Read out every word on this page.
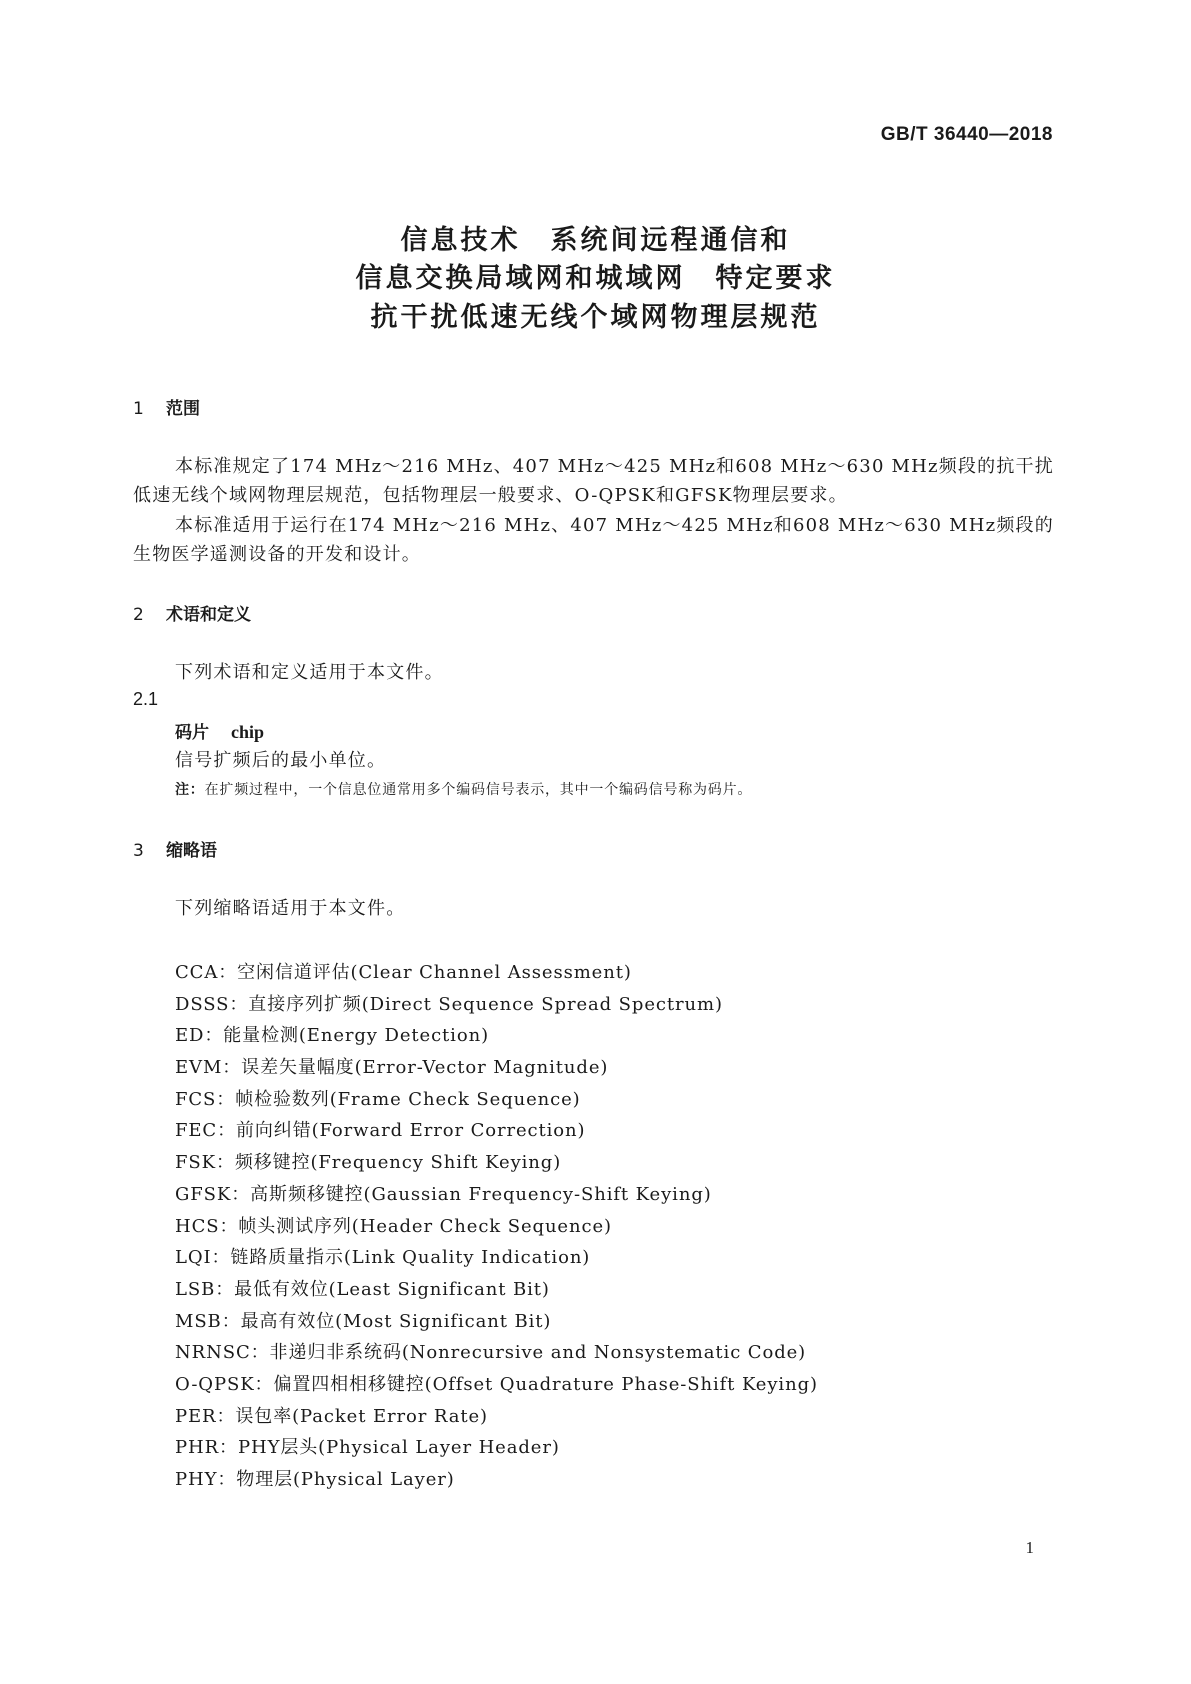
GB/T 36440—2018
信息技术　系统间远程通信和
信息交换局域网和城域网　特定要求
抗干扰低速无线个域网物理层规范
1 范围
本标准规定了174 MHz～216 MHz、407 MHz～425 MHz和608 MHz～630 MHz频段的抗干扰
低速无线个域网物理层规范，包括物理层一般要求、O-QPSK和GFSK物理层要求。
本标准适用于运行在174 MHz～216 MHz、407 MHz～425 MHz和608 MHz～630 MHz频段的
生物医学遥测设备的开发和设计。
2 术语和定义
下列术语和定义适用于本文件。
2.1
码片 chip
信号扩频后的最小单位。
注：在扩频过程中，一个信息位通常用多个编码信号表示，其中一个编码信号称为码片。
3 缩略语
下列缩略语适用于本文件。
CCA：空闲信道评估(Clear Channel Assessment)
DSSS：直接序列扩频(Direct Sequence Spread Spectrum)
ED：能量检测(Energy Detection)
EVM：误差矢量幅度(Error-Vector Magnitude)
FCS：帧检验数列(Frame Check Sequence)
FEC：前向纠错(Forward Error Correction)
FSK：频移键控(Frequency Shift Keying)
GFSK：高斯频移键控(Gaussian Frequency-Shift Keying)
HCS：帧头测试序列(Header Check Sequence)
LQI：链路质量指示(Link Quality Indication)
LSB：最低有效位(Least Significant Bit)
MSB：最高有效位(Most Significant Bit)
NRNSC：非递归非系统码(Nonrecursive and Nonsystematic Code)
O-QPSK：偏置四相相移键控(Offset Quadrature Phase-Shift Keying)
PER：误包率(Packet Error Rate)
PHR：PHY层头(Physical Layer Header)
PHY：物理层(Physical Layer)
1
